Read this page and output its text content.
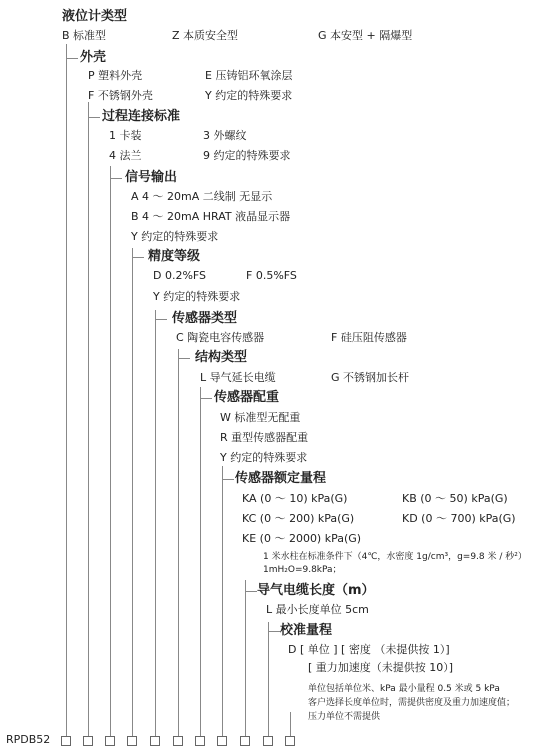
液位计类型
B 标准型	Z 本质安全型	G 本安型 + 隔爆型
外壳
P 塑料外壳	E 压铸铝环氧涂层
F 不锈钢外壳	Y 约定的特殊要求
过程连接标准
1 卡装	3 外螺纹
4 法兰	9 约定的特殊要求
信号输出
A 4 ～ 20mA 二线制 无显示
B 4 ～ 20mA HRAT 液晶显示器
Y 约定的特殊要求
精度等级
D 0.2%FS	F 0.5%FS
Y 约定的特殊要求
传感器类型
C 陶瓷电容传感器	F 硅压阻传感器
结构类型
L 导气延长电缆	G 不锈钢加长杆
传感器配重
W 标准型无配重
R 重型传感器配重
Y 约定的特殊要求
传感器额定量程
KA (0 ～ 10) kPa(G)	KB (0 ～ 50) kPa(G)
KC (0 ～ 200) kPa(G)	KD (0 ～ 700) kPa(G)
KE (0 ～ 2000) kPa(G)
1 米水柱在标准条件下（4℃，水密度 1g/cm³，g=9.8 米 / 秒²）
1mH₂O=9.8kPa；
导气电缆长度（m）
L 最小长度单位 5cm
校准量程
D [ 单位 ] [ 密度 （未提供按 1）]
[ 重力加速度（未提供按 10）]
单位包括单位米、kPa 最小量程 0.5 米或 5 kPa
客户选择长度单位时，需提供密度及重力加速度值；
压力单位不需提供
RPDB52
